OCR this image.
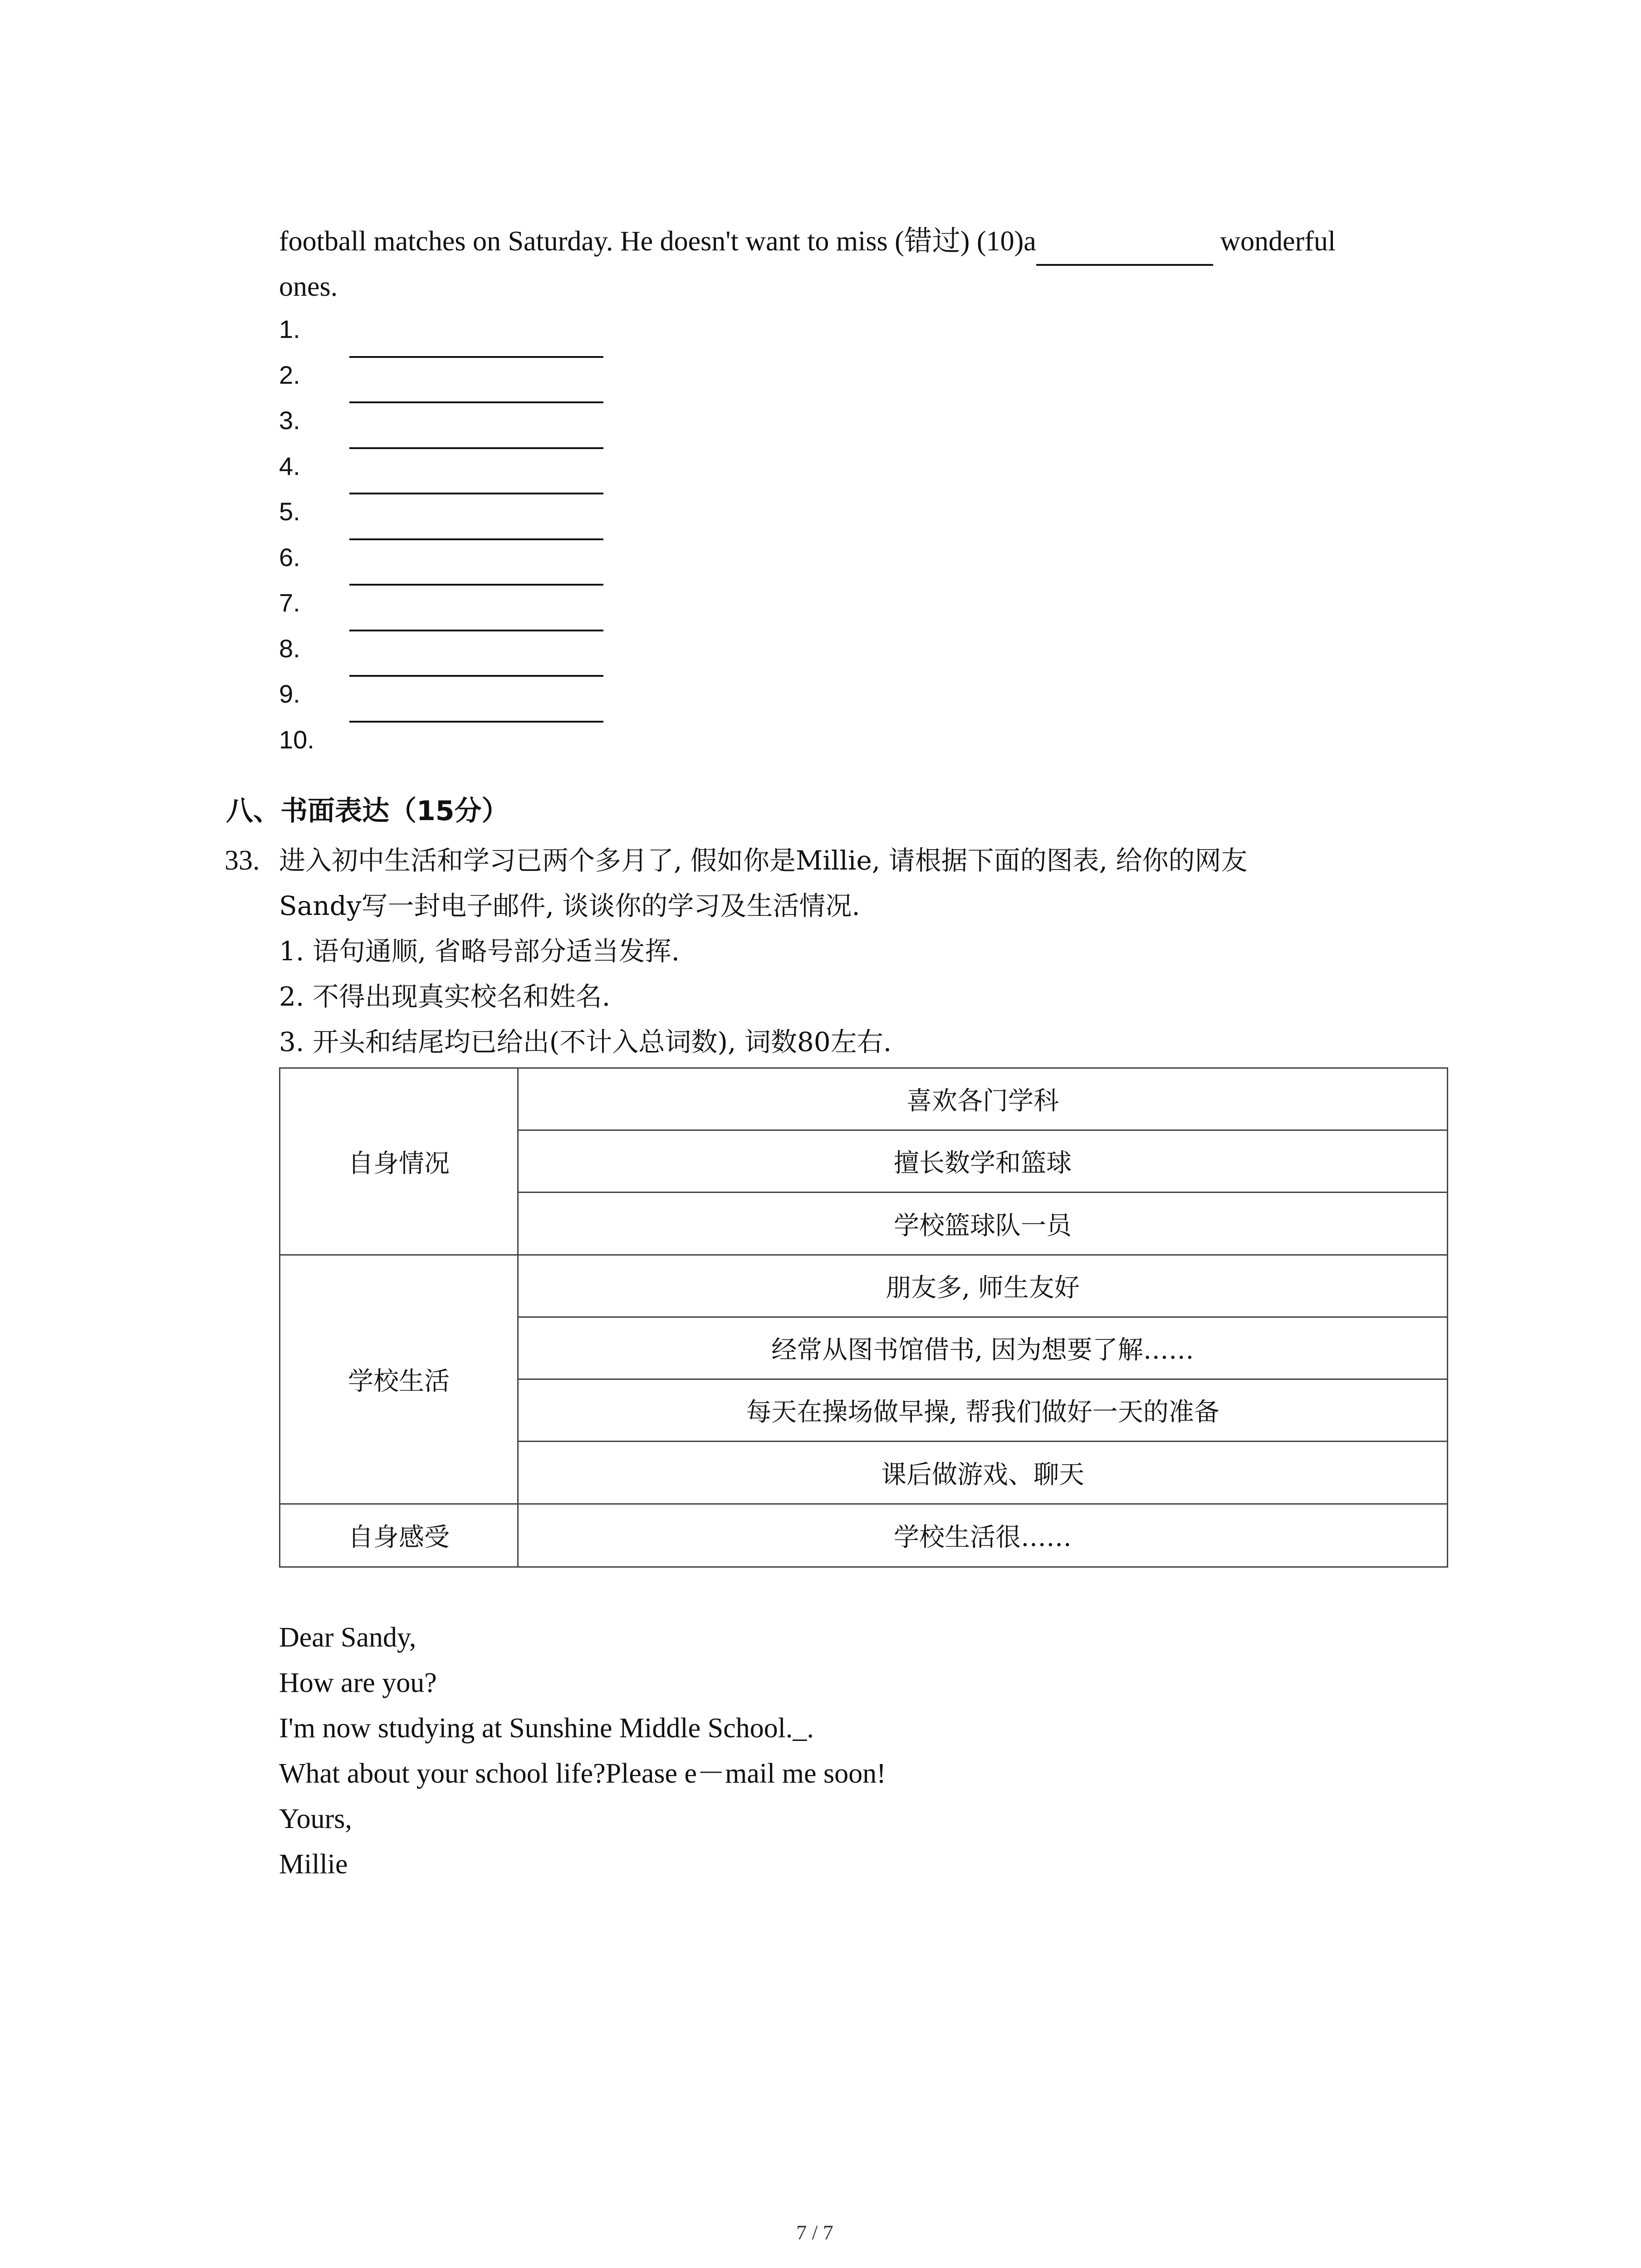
football matches on Saturday. He doesn't want to miss (错过) (10)a	wonderful
ones.
1.
2.
3.
4.
5.
6.
7.
8.
9.
10.
八、书面表达（15分）
33. 进入初中生活和学习已两个多月了, 假如你是Millie, 请根据下面的图表, 给你的网友
Sandy写一封电子邮件, 谈谈你的学习及生活情况.
1. 语句通顺, 省略号部分适当发挥.
2. 不得出现真实校名和姓名.
3. 开头和结尾均已给出(不计入总词数), 词数80左右.
自身情况	喜欢各门学科
	擅长数学和篮球
	学校篮球队一员
学校生活	朋友多, 师生友好
	经常从图书馆借书, 因为想要了解……
	每天在操场做早操, 帮我们做好一天的准备
	课后做游戏、聊天
自身感受	学校生活很……
Dear Sandy,
How are you?
I'm now studying at Sunshine Middle School._.
What about your school life?Please e－mail me soon!
Yours,
Millie
7 / 7
